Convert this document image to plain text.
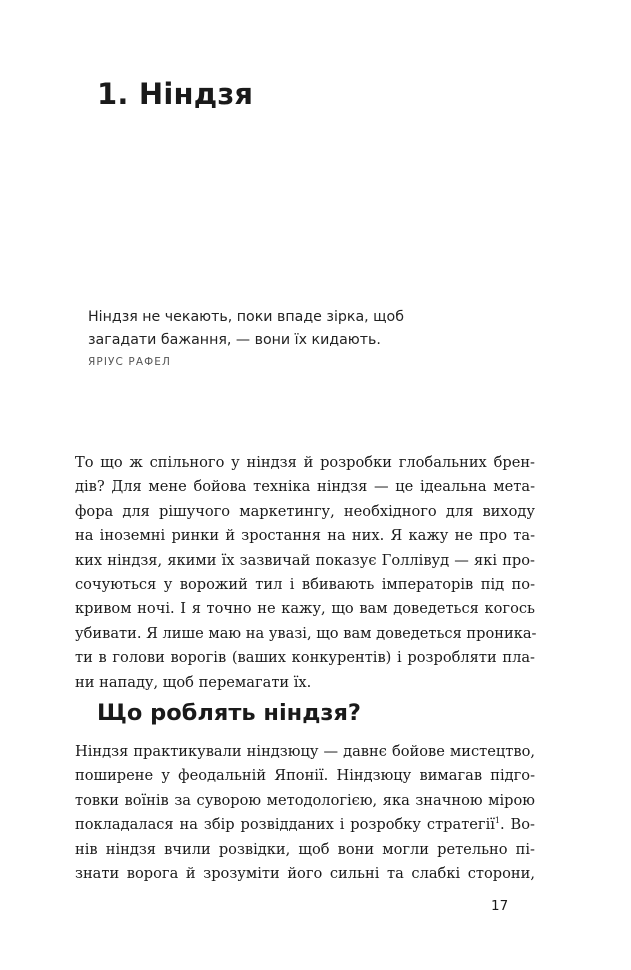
1. Ніндзя
Ніндзя не чекають, поки впаде зірка, щоб
загадати бажання, — вони їх кидають.
ЯРІУС РАФЕЛ
То що ж спільного у ніндзя й розробки глобальних брен-
дів? Для мене бойова техніка ніндзя — це ідеальна мета-
фора для рішучого маркетингу, необхідного для виходу
на іноземні ринки й зростання на них. Я кажу не про та-
ких ніндзя, якими їх зазвичай показує Голлівуд — які про-
сочуються у ворожий тил і вбивають імператорів під по-
кривом ночі. І я точно не кажу, що вам доведеться когось
убивати. Я лише маю на увазі, що вам доведеться проника-
ти в голови ворогів (ваших конкурентів) і розробляти пла-
ни нападу, щоб перемагати їх.
Що роблять ніндзя?
Ніндзя практикували ніндзюцу — давнє бойове мистецтво,
поширене у феодальній Японії. Ніндзюцу вимагав підго-
товки воїнів за суворою методологією, яка значною мірою
покладалася на збір розвідданих і розробку стратегії$^1$. Во-
нів ніндзя вчили розвідки, щоб вони могли ретельно пі-
знати ворога й зрозуміти його сильні та слабкі сторони,
17
